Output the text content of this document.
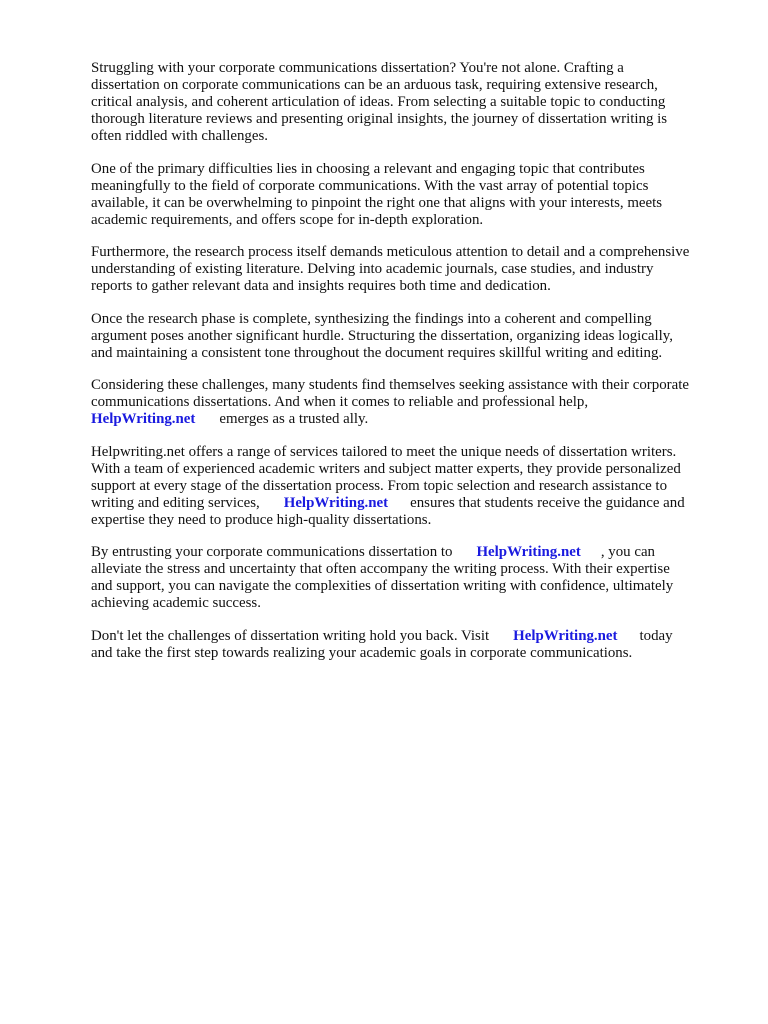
Struggling with your corporate communications dissertation? You're not alone. Crafting a
dissertation on corporate communications can be an arduous task, requiring extensive research,
critical analysis, and coherent articulation of ideas. From selecting a suitable topic to conducting
thorough literature reviews and presenting original insights, the journey of dissertation writing is
often riddled with challenges.

One of the primary difficulties lies in choosing a relevant and engaging topic that contributes
meaningfully to the field of corporate communications. With the vast array of potential topics
available, it can be overwhelming to pinpoint the right one that aligns with your interests, meets
academic requirements, and offers scope for in-depth exploration.

Furthermore, the research process itself demands meticulous attention to detail and a comprehensive
understanding of existing literature. Delving into academic journals, case studies, and industry
reports to gather relevant data and insights requires both time and dedication.

Once the research phase is complete, synthesizing the findings into a coherent and compelling
argument poses another significant hurdle. Structuring the dissertation, organizing ideas logically,
and maintaining a consistent tone throughout the document requires skillful writing and editing.

Considering these challenges, many students find themselves seeking assistance with their corporate
communications dissertations. And when it comes to reliable and professional help,
HelpWriting.net emerges as a trusted ally.

Helpwriting.net offers a range of services tailored to meet the unique needs of dissertation writers.
With a team of experienced academic writers and subject matter experts, they provide personalized
support at every stage of the dissertation process. From topic selection and research assistance to
writing and editing services, HelpWriting.net ensures that students receive the guidance and
expertise they need to produce high-quality dissertations.

By entrusting your corporate communications dissertation to HelpWriting.net , you can
alleviate the stress and uncertainty that often accompany the writing process. With their expertise
and support, you can navigate the complexities of dissertation writing with confidence, ultimately
achieving academic success.

Don't let the challenges of dissertation writing hold you back. Visit HelpWriting.net today
and take the first step towards realizing your academic goals in corporate communications.
